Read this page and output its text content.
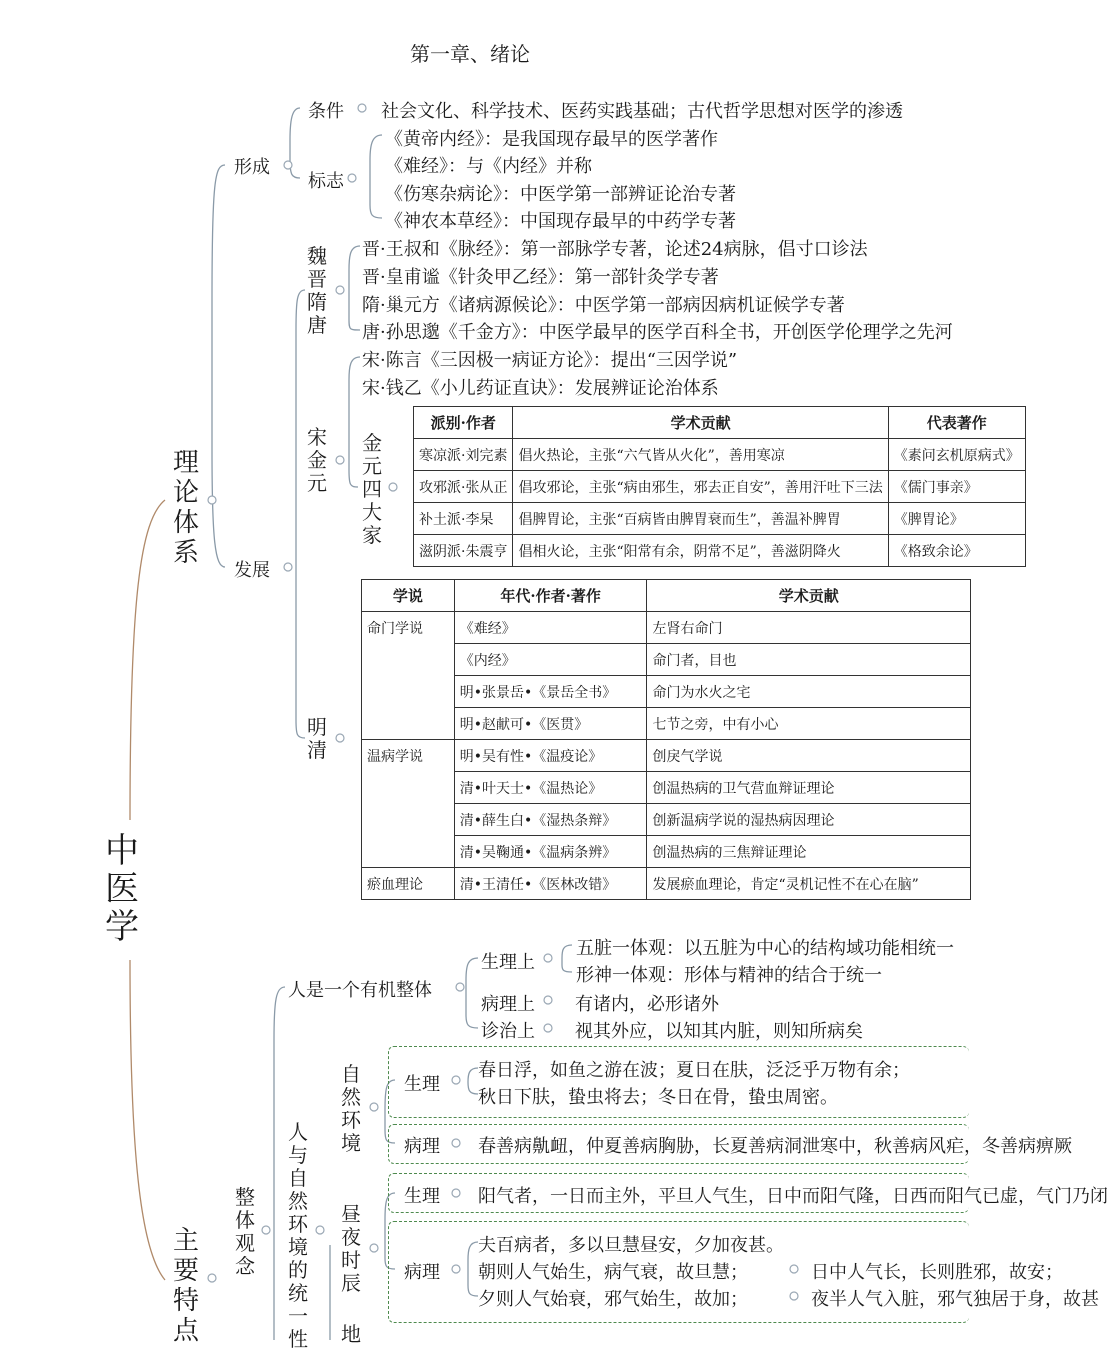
第一章、绪论
中医学
理论体系
主要特点
形成
条件 社会文化、科学技术、医药实践基础；古代哲学思想对医学的渗透
标志
《黄帝内经》：是我国现存最早的医学著作
《难经》：与《内经》并称
《伤寒杂病论》：中医学第一部辨证论治专著
《神农本草经》：中国现存最早的中药学专著
发展
魏晋隋唐
晋·王叔和《脉经》：第一部脉学专著，论述24病脉，倡寸口诊法
晋·皇甫谧《针灸甲乙经》：第一部针灸学专著
隋·巢元方《诸病源候论》：中医学第一部病因病机证候学专著
唐·孙思邈《千金方》：中医学最早的医学百科全书，开创医学伦理学之先河
宋金元
宋·陈言《三因极一病证方论》：提出“三因学说”
宋·钱乙《小儿药证直诀》：发展辨证论治体系
金元四大家
派别·作者	学术贡献	代表著作
寒凉派·刘完素	倡火热论，主张“六气皆从火化”，善用寒凉	《素问玄机原病式》
攻邪派·张从正	倡攻邪论，主张“病由邪生，邪去正自安”，善用汗吐下三法	《儒门事亲》
补土派·李杲	倡脾胃论，主张“百病皆由脾胃衰而生”，善温补脾胃	《脾胃论》
滋阴派·朱震亨	倡相火论，主张“阳常有余，阴常不足”，善滋阴降火	《格致余论》
明清
学说	年代·作者·著作	学术贡献
命门学说	《难经》	左肾右命门
	《内经》	命门者，目也
	明•张景岳•《景岳全书》	命门为水火之宅
	明•赵献可•《医贯》	七节之旁，中有小心
温病学说	明•吴有性•《温疫论》	创戾气学说
	清•叶天士•《温热论》	创温热病的卫气营血辩证理论
	清•薛生白•《湿热条辩》	创新温病学说的湿热病因理论
	清•吴鞠通•《温病条辨》	创温热病的三焦辩证理论
瘀血理论	清•王清任•《医林改错》	发展瘀血理论，肯定“灵机记性不在心在脑”
整体观念
人与自然环境的统一性
人是一个有机整体
生理上
五脏一体观：以五脏为中心的结构域功能相统一
形神一体观：形体与精神的结合于统一
病理上 有诸内，必形诸外
诊治上 视其外应，以知其内脏，则知所病矣
自然环境
生理
春日浮，如鱼之游在波；夏日在肤，泛泛乎万物有余；
秋日下肤，蛰虫将去；冬日在骨，蛰虫周密。
病理 春善病鼽衄，仲夏善病胸胁，长夏善病洞泄寒中，秋善病风疟，冬善病痹厥
昼夜时辰
生理 阳气者，一日而主外，平旦人气生，日中而阳气隆，日西而阳气已虚，气门乃闭
病理
夫百病者，多以旦慧昼安，夕加夜甚。
朝则人气始生，病气衰，故旦慧；
夕则人气始衰，邪气始生，故加；
日中人气长，长则胜邪，故安；
夜半人气入脏，邪气独居于身，故甚
地
